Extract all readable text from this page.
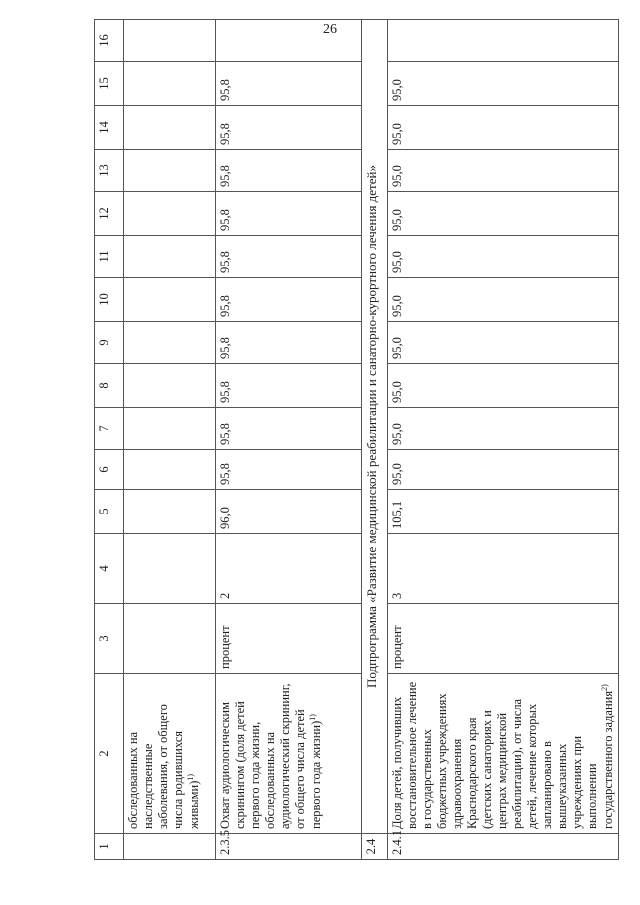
26
1	2	3	4	5	6	7	8	9	10	11	12	13	14	15	16
	обследованных на наследственные заболевания, от общего числа родившихся живыми)$^{1)}$														
2.3.5	Охват аудиологическим скринингом (доля детей первого года жизни, обследованных на аудиологический скрининг, от общего числа детей первого года жизни)$^{1)}$	процент	2	96,0	95,8	95,8	95,8	95,8	95,8	95,8	95,8	95,8	95,8	95,8	
2.4	Подпрограмма «Развитие медицинской реабилитации и санаторно-курортного лечения детей»														
2.4.1	Доля детей, получивших восстановительное лечение в государственных бюджетных учреждениях здравоохранения Краснодарского края (детских санаториях и центрах медицинской реабилитации), от числа детей, лечение которых запланировано в вышеуказанных учреждениях при выполнении государственного задания$^{2)}$	процент	3	105,1	95,0	95,0	95,0	95,0	95,0	95,0	95,0	95,0	95,0	95,0	
